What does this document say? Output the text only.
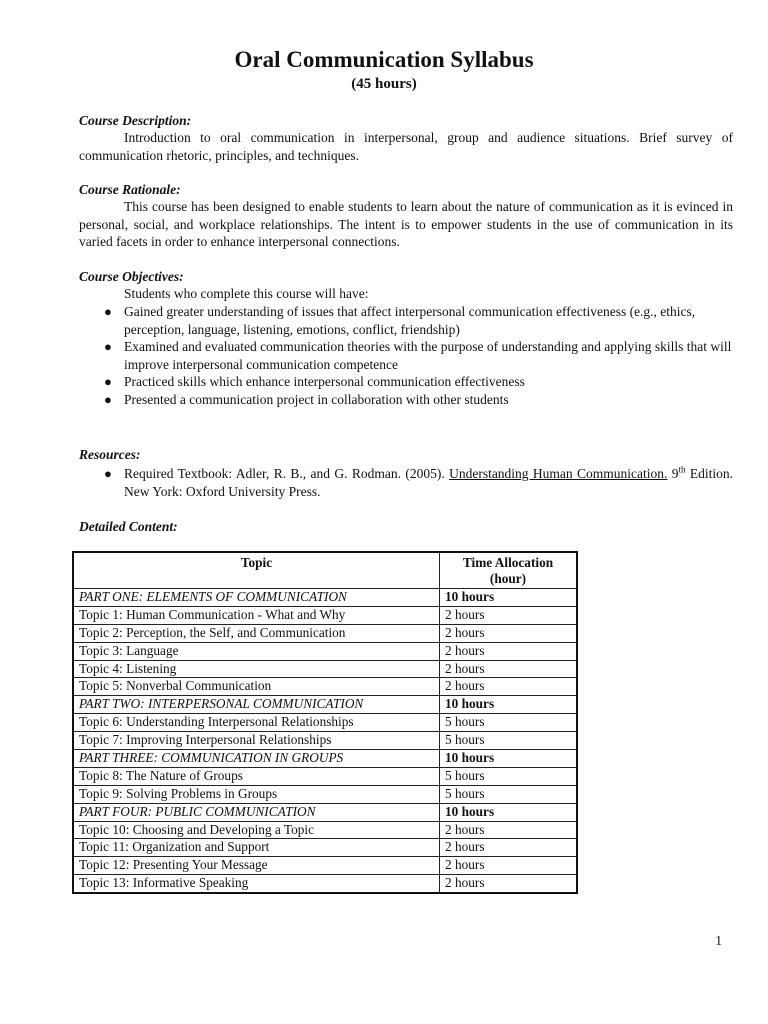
Oral Communication Syllabus
(45 hours)
Course Description:

Introduction to oral communication in interpersonal, group and audience situations. Brief survey of communication rhetoric, principles, and techniques.

Course Rationale:

This course has been designed to enable students to learn about the nature of communication as it is evinced in personal, social, and workplace relationships. The intent is to empower students in the use of communication in its varied facets in order to enhance interpersonal connections.

Course Objectives:

Students who complete this course will have:

● Gained greater understanding of issues that affect interpersonal communication effectiveness (e.g., ethics, perception, language, listening, emotions, conflict, friendship)
● Examined and evaluated communication theories with the purpose of understanding and applying skills that will improve interpersonal communication competence
● Practiced skills which enhance interpersonal communication effectiveness
● Presented a communication project in collaboration with other students
Resources:
● Required Textbook: Adler, R. B., and G. Rodman. (2005). Understanding Human Communication. 9th Edition. New York: Oxford University Press.
Detailed Content:
Topic	Time Allocation (hour)
PART ONE: ELEMENTS OF COMMUNICATION	10 hours
Topic 1: Human Communication - What and Why	2 hours
Topic 2: Perception, the Self, and Communication	2 hours
Topic 3: Language	2 hours
Topic 4: Listening	2 hours
Topic 5: Nonverbal Communication	2 hours
PART TWO: INTERPERSONAL COMMUNICATION	10 hours
Topic 6: Understanding Interpersonal Relationships	5 hours
Topic 7: Improving Interpersonal Relationships	5 hours
PART THREE: COMMUNICATION IN GROUPS	10 hours
Topic 8: The Nature of Groups	5 hours
Topic 9: Solving Problems in Groups	5 hours
PART FOUR: PUBLIC COMMUNICATION	10 hours
Topic 10: Choosing and Developing a Topic	2 hours
Topic 11: Organization and Support	2 hours
Topic 12: Presenting Your Message	2 hours
Topic 13: Informative Speaking	2 hours
1
